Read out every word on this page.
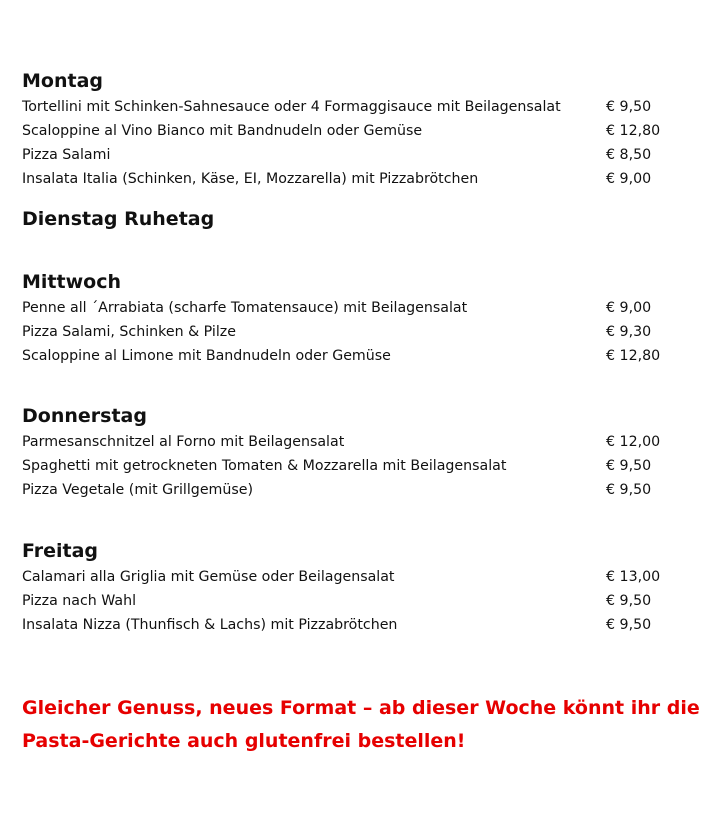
Montag
Tortellini mit Schinken-Sahnesauce oder 4 Formaggisauce mit Beilagensalat	€ 9,50
Scaloppine al Vino Bianco mit Bandnudeln oder Gemüse	€ 12,80
Pizza Salami	€ 8,50
Insalata Italia (Schinken, Käse, EI, Mozzarella) mit Pizzabrötchen	€ 9,00
Dienstag Ruhetag
Mittwoch
Penne all ´Arrabiata (scharfe Tomatensauce) mit Beilagensalat	€ 9,00
Pizza Salami, Schinken & Pilze	€ 9,30
Scaloppine al Limone mit Bandnudeln oder Gemüse	€ 12,80
Donnerstag
Parmesanschnitzel al Forno mit Beilagensalat	€ 12,00
Spaghetti mit getrockneten Tomaten & Mozzarella mit Beilagensalat	€ 9,50
Pizza Vegetale (mit Grillgemüse)	€ 9,50
Freitag
Calamari alla Griglia mit Gemüse oder Beilagensalat	€ 13,00
Pizza nach Wahl	€ 9,50
Insalata Nizza (Thunfisch & Lachs) mit Pizzabrötchen	€ 9,50
Gleicher Genuss, neues Format – ab dieser Woche könnt ihr die
Pasta-Gerichte auch glutenfrei bestellen!
